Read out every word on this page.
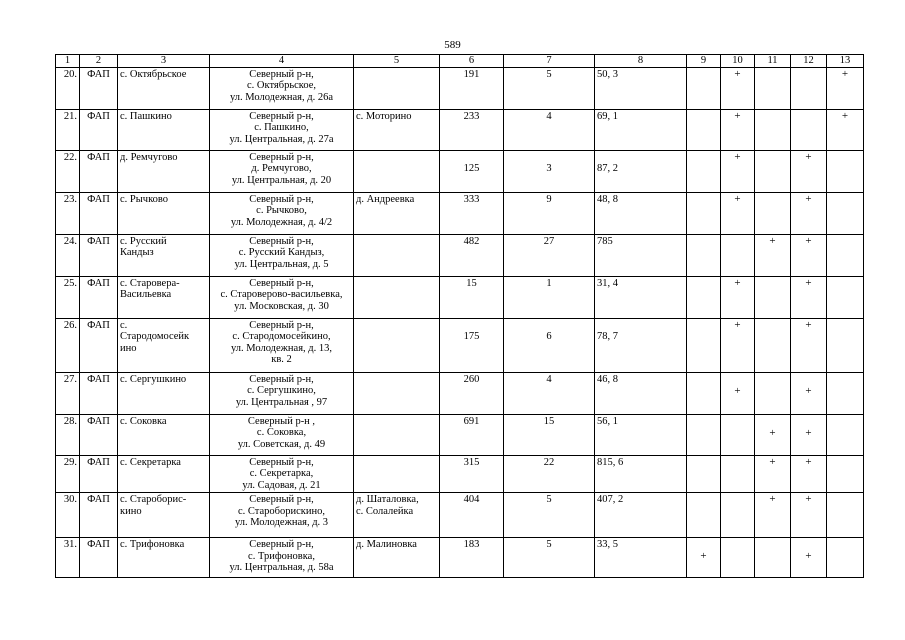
589
1	2	3	4	5	6	7	8	9	10	11	12	13
20.	ФАП	с. Октябрьское	Северный р-н,
с. Октябрьское,
ул. Молодежная, д. 26а		191	5	50, 3		+			+

21.	ФАП	с. Пашкино	Северный р-н,
с. Пашкино,
ул. Центральная, д. 27а	с. Моторино	233	4	69, 1		+			+

22.	ФАП	д. Ремчугово	Северный р-н,
д. Ремчугово,
ул. Центральная, д. 20		125	3	87, 2		+		+	

23.	ФАП	с. Рычково	Северный р-н,
с. Рычково,
ул. Молодежная, д. 4/2	д. Андреевка	333	9	48, 8		+		+	

24.	ФАП	с. Русский
Кандыз	Северный р-н,
с. Русский Кандыз,
ул. Центральная, д. 5		482	27	785			+	+	

25.	ФАП	с. Старовера-
Васильевка	Северный р-н,
с. Староверово-васильевка,
ул. Московская, д. 30		15	1	31, 4		+		+	

26.	ФАП	с.
Стародомосейк
ино	Северный р-н,
с. Стародомосейкино,
ул. Молодежная, д. 13,
кв. 2		175	6	78, 7		+		+	

27.	ФАП	с. Сергушкино	Северный р-н,
с. Сергушкино,
ул. Центральная , 97		260	4	46, 8		+		+	

28.	ФАП	с. Соковка	Северный р-н ,
с. Соковка,
ул. Советская, д. 49		691	15	56, 1			+	+	

29.	ФАП	с. Секретарка	Северный р-н,
с. Секретарка,
ул. Садовая, д. 21		315	22	815, 6			+	+	

30.	ФАП	с. Староборис-
кино	Северный р-н,
с. Староборискино,
ул. Молодежная, д. 3	д. Шаталовка,
с. Солалейка	404	5	407, 2			+	+	

31.	ФАП	с. Трифоновка	Северный р-н,
с. Трифоновка,
ул. Центральная, д. 58а	д. Малиновка	183	5	33, 5	+			+	
